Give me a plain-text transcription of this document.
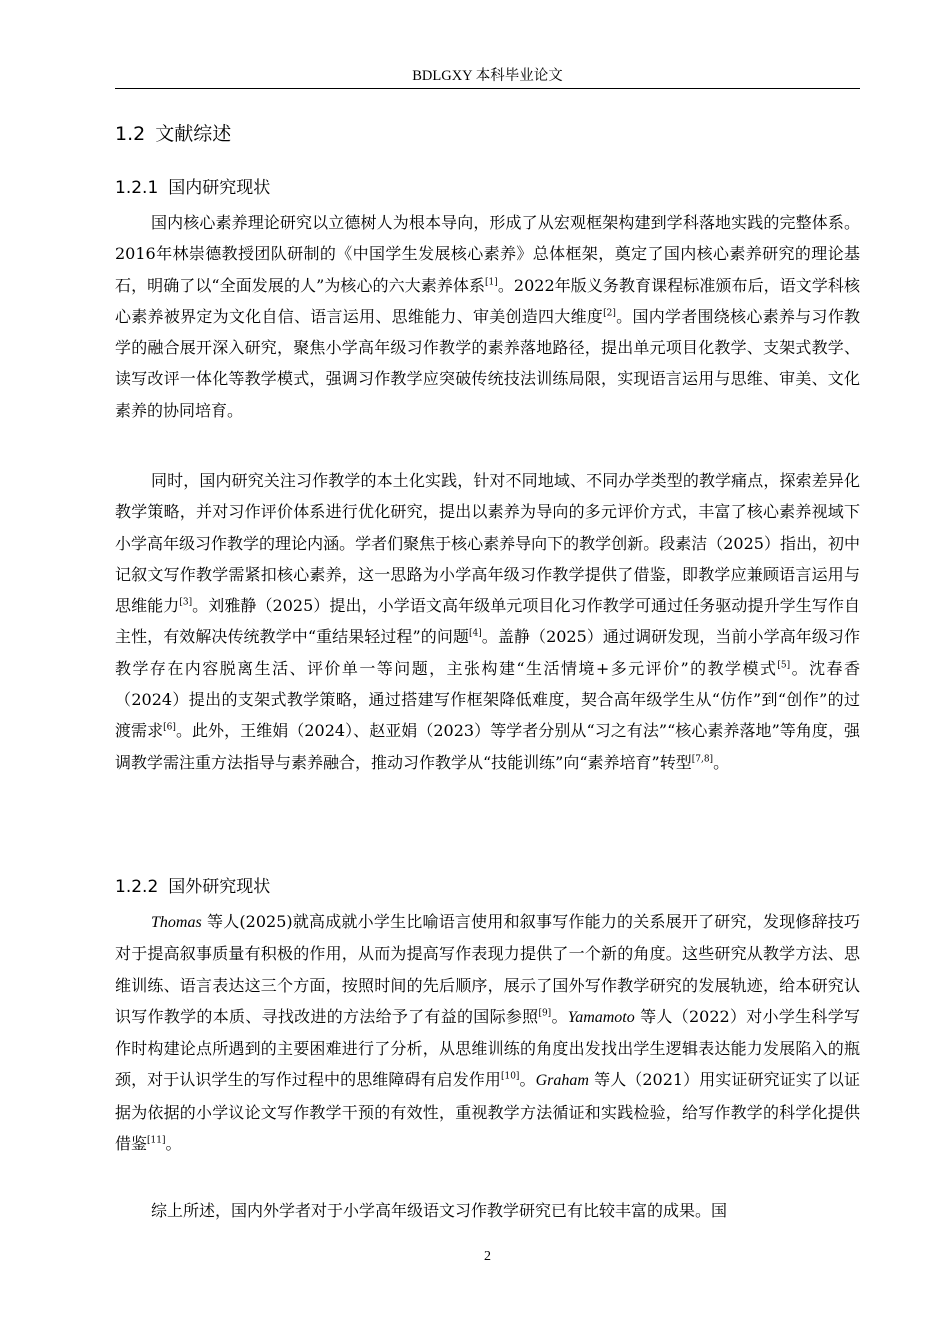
BDLGXY 本科毕业论文
1.2 文献综述
1.2.1 国内研究现状

国内核心素养理论研究以立德树人为根本导向，形成了从宏观框架构建到学科落地实践的完整体系。2016年林崇德教授团队研制的《中国学生发展核心素养》总体框架，奠定了国内核心素养研究的理论基石，明确了以“全面发展的人”为核心的六大素养体系[1]。2022年版义务教育课程标准颁布后，语文学科核心素养被界定为文化自信、语言运用、思维能力、审美创造四大维度[2]。国内学者围绕核心素养与习作教学的融合展开深入研究，聚焦小学高年级习作教学的素养落地路径，提出单元项目化教学、支架式教学、读写改评一体化等教学模式，强调习作教学应突破传统技法训练局限，实现语言运用与思维、审美、文化素养的协同培育。

同时，国内研究关注习作教学的本土化实践，针对不同地域、不同办学类型的教学痛点，探索差异化教学策略，并对习作评价体系进行优化研究，提出以素养为导向的多元评价方式，丰富了核心素养视域下小学高年级习作教学的理论内涵。学者们聚焦于核心素养导向下的教学创新。段素洁（2025）指出，初中记叙文写作教学需紧扣核心素养，这一思路为小学高年级习作教学提供了借鉴，即教学应兼顾语言运用与思维能力[3]。刘雅静（2025）提出，小学语文高年级单元项目化习作教学可通过任务驱动提升学生写作自主性，有效解决传统教学中“重结果轻过程”的问题[4]。盖静（2025）通过调研发现，当前小学高年级习作教学存在内容脱离生活、评价单一等问题，主张构建“生活情境+多元评价”的教学模式[5]。沈春香（2024）提出的支架式教学策略，通过搭建写作框架降低难度，契合高年级学生从“仿作”到“创作”的过渡需求[6]。此外，王维娟（2024）、赵亚娟（2023）等学者分别从“习之有法”“核心素养落地”等角度，强调教学需注重方法指导与素养融合，推动习作教学从“技能训练”向“素养培育”转型[7,8]。

1.2.2 国外研究现状

Thomas 等人(2025)就高成就小学生比喻语言使用和叙事写作能力的关系展开了研究，发现修辞技巧对于提高叙事质量有积极的作用，从而为提高写作表现力提供了一个新的角度。这些研究从教学方法、思维训练、语言表达这三个方面，按照时间的先后顺序，展示了国外写作教学研究的发展轨迹，给本研究认识写作教学的本质、寻找改进的方法给予了有益的国际参照[9]。Yamamoto 等人（2022）对小学生科学写作时构建论点所遇到的主要困难进行了分析，从思维训练的角度出发找出学生逻辑表达能力发展陷入的瓶颈，对于认识学生的写作过程中的思维障碍有启发作用[10]。Graham 等人（2021）用实证研究证实了以证据为依据的小学议论文写作教学干预的有效性，重视教学方法循证和实践检验，给写作教学的科学化提供借鉴[11]。

综上所述，国内外学者对于小学高年级语文习作教学研究已有比较丰富的成果。国

2
